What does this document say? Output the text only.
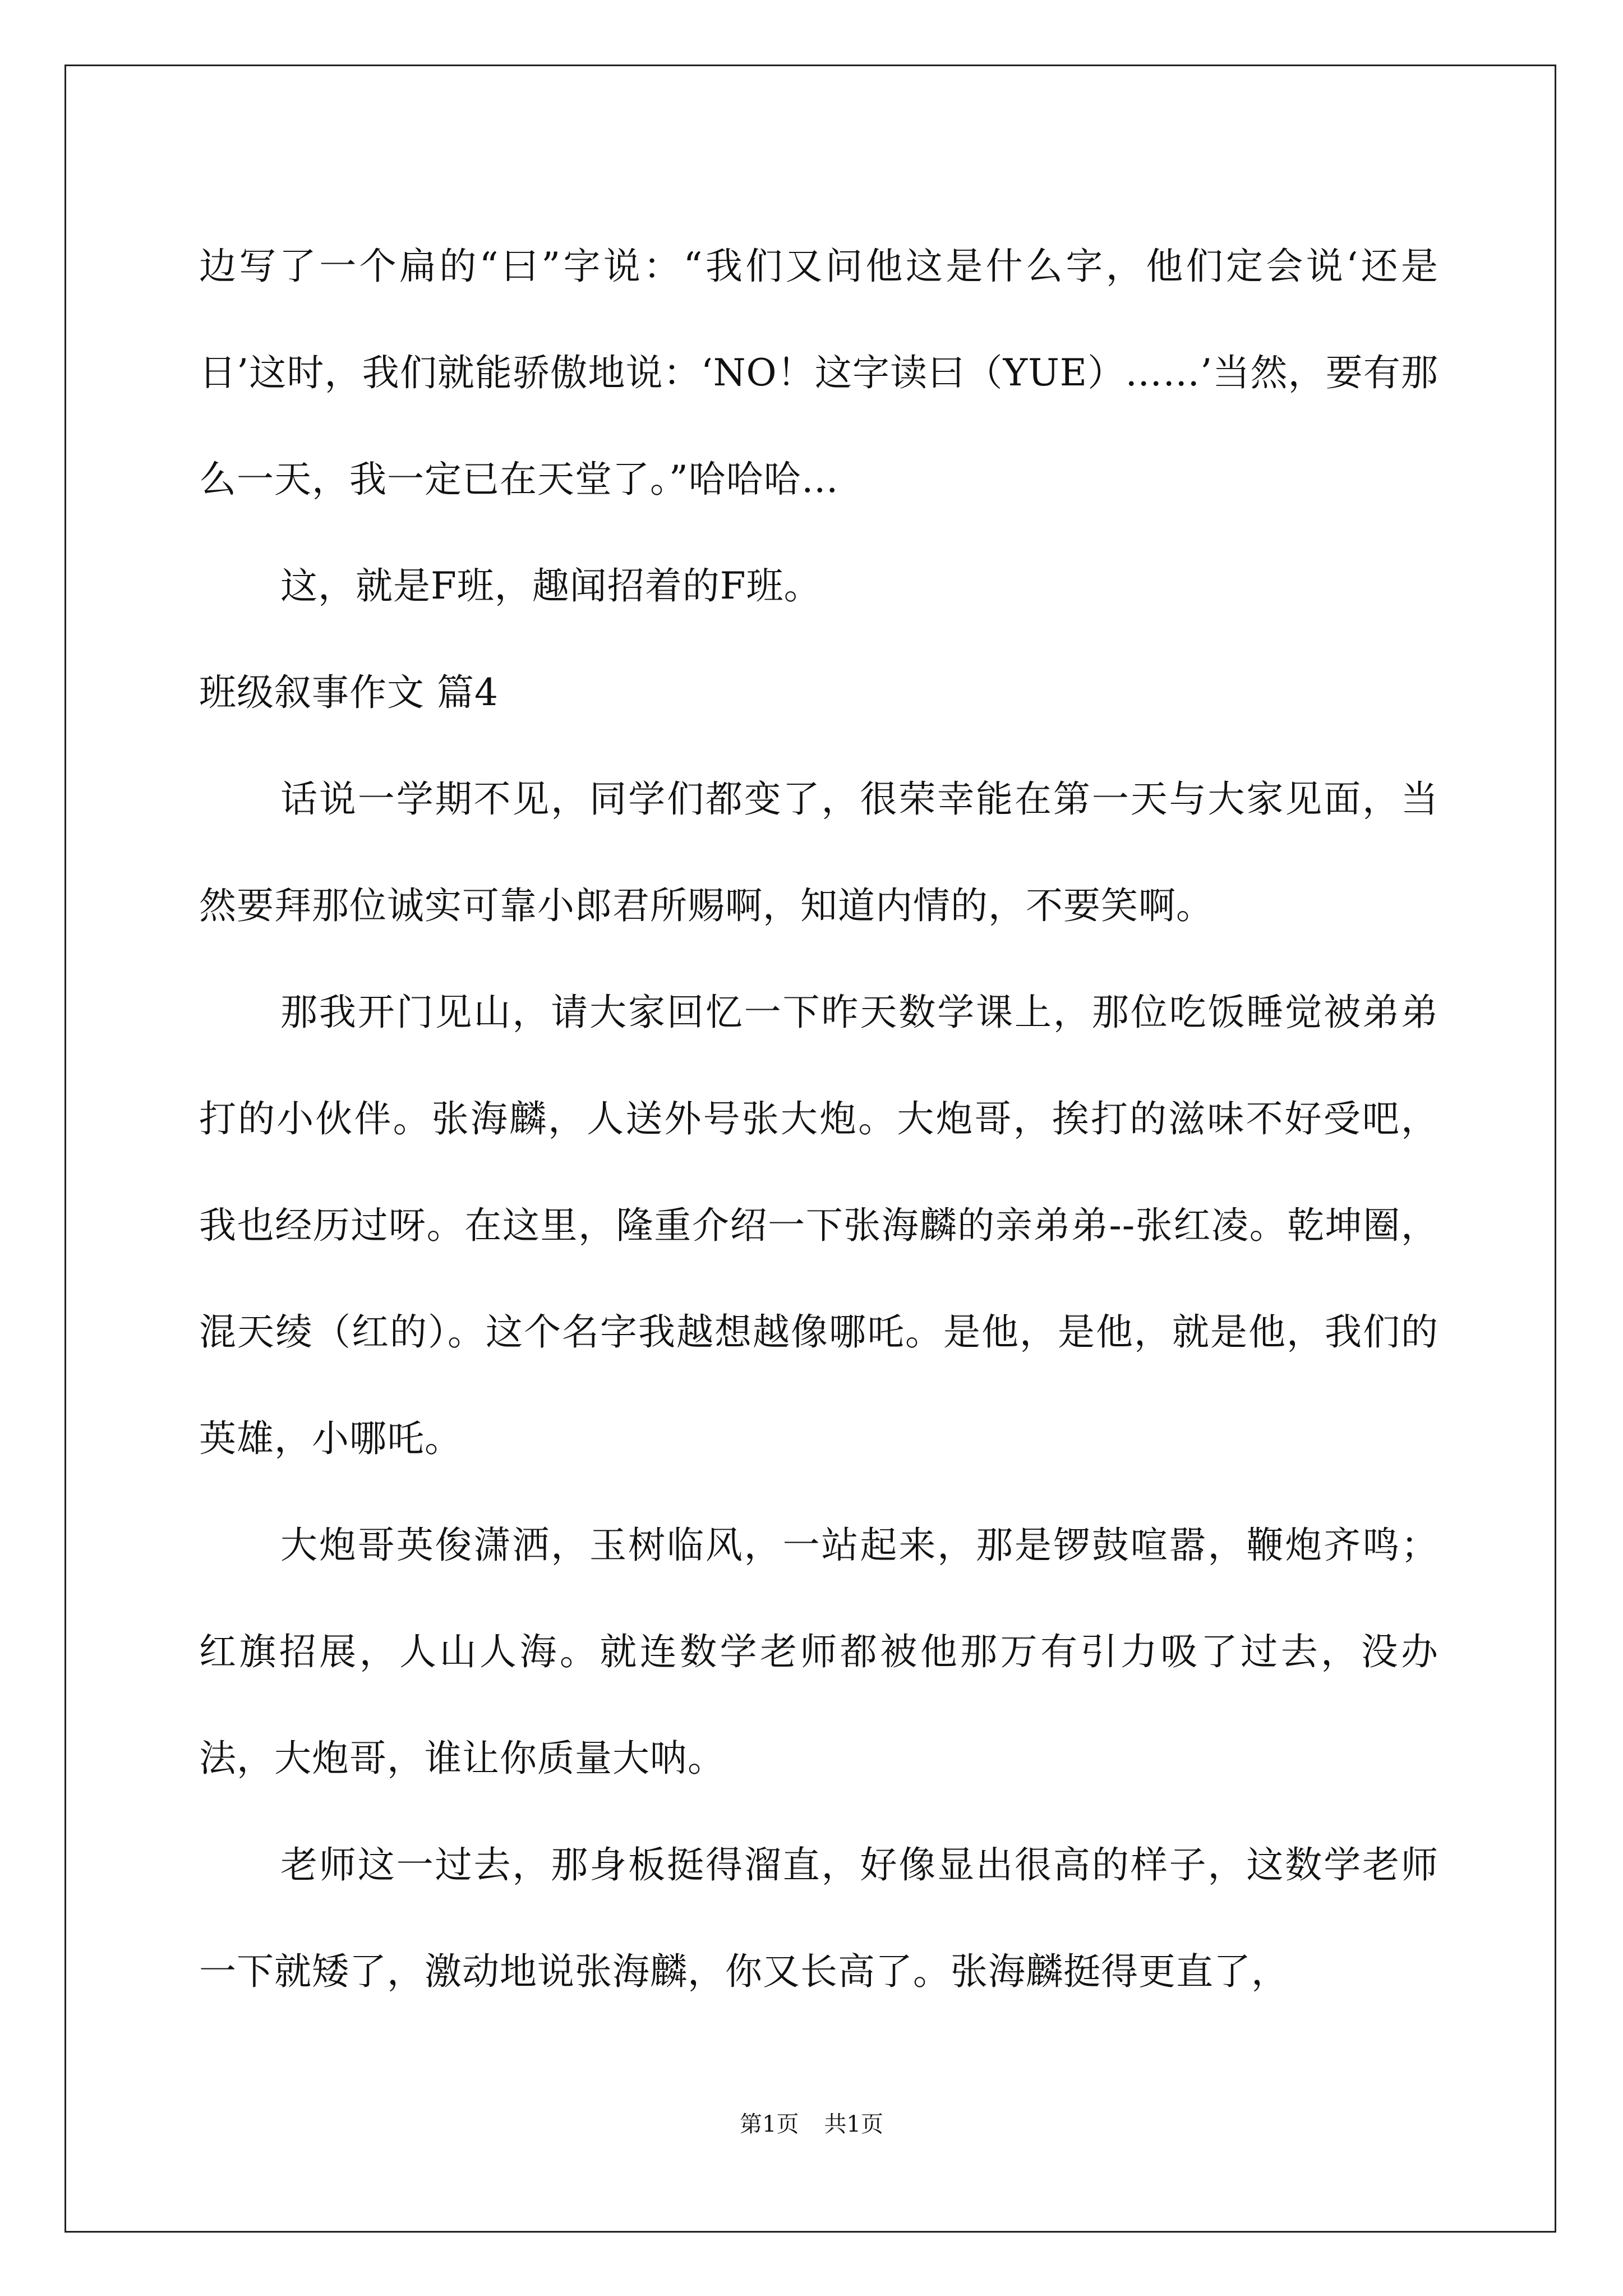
边写了一个扁的“曰”字说：“我们又问他这是什么字，他们定会说‘还是日’这时，我们就能骄傲地说：‘NO！这字读曰（YUE）……’当然，要有那么一天，我一定已在天堂了。”哈哈哈…

这，就是F班，趣闻招着的F班。

班级叙事作文 篇4

话说一学期不见，同学们都变了，很荣幸能在第一天与大家见面，当然要拜那位诚实可靠小郎君所赐啊，知道内情的，不要笑啊。

那我开门见山，请大家回忆一下昨天数学课上，那位吃饭睡觉被弟弟打的小伙伴。张海麟，人送外号张大炮。大炮哥，挨打的滋味不好受吧，我也经历过呀。在这里，隆重介绍一下张海麟的亲弟弟--张红凌。乾坤圈，混天绫（红的）。这个名字我越想越像哪吒。是他，是他，就是他，我们的英雄，小哪吒。

大炮哥英俊潇洒，玉树临风，一站起来，那是锣鼓喧嚣，鞭炮齐鸣；红旗招展，人山人海。就连数学老师都被他那万有引力吸了过去，没办法，大炮哥，谁让你质量大呐。

老师这一过去，那身板挺得溜直，好像显出很高的样子，这数学老师一下就矮了，激动地说张海麟，你又长高了。张海麟挺得更直了，

第1页 共1页
